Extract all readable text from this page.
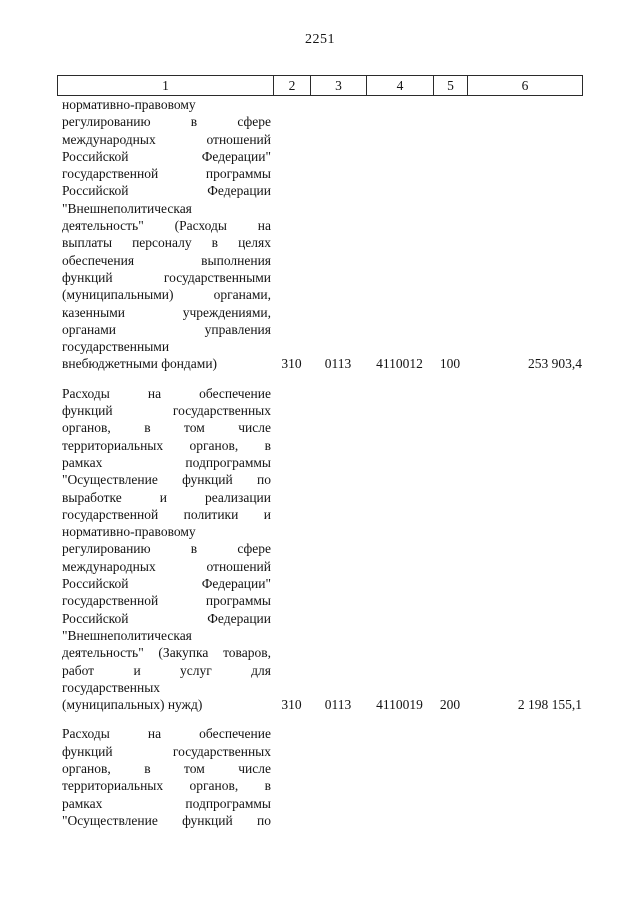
2251
1	2	3	4	5	6
нормативно-правовому
регулированию в сфере
международных отношений
Российской Федерации"
государственной программы
Российской Федерации
"Внешнеполитическая
деятельность" (Расходы на
выплаты персоналу в целях
обеспечения выполнения
функций государственными
(муниципальными) органами,
казенными учреждениями,
органами управления
государственными
внебюджетными фондами)	310	0113	4110012	100	253 903,4
Расходы на обеспечение
функций государственных
органов, в том числе
территориальных органов, в
рамках подпрограммы
"Осуществление функций по
выработке и реализации
государственной политики и
нормативно-правовому
регулированию в сфере
международных отношений
Российской Федерации"
государственной программы
Российской Федерации
"Внешнеполитическая
деятельность" (Закупка товаров,
работ и услуг для
государственных
(муниципальных) нужд)	310	0113	4110019	200	2 198 155,1
Расходы на обеспечение
функций государственных
органов, в том числе
территориальных органов, в
рамках подпрограммы
"Осуществление функций по
